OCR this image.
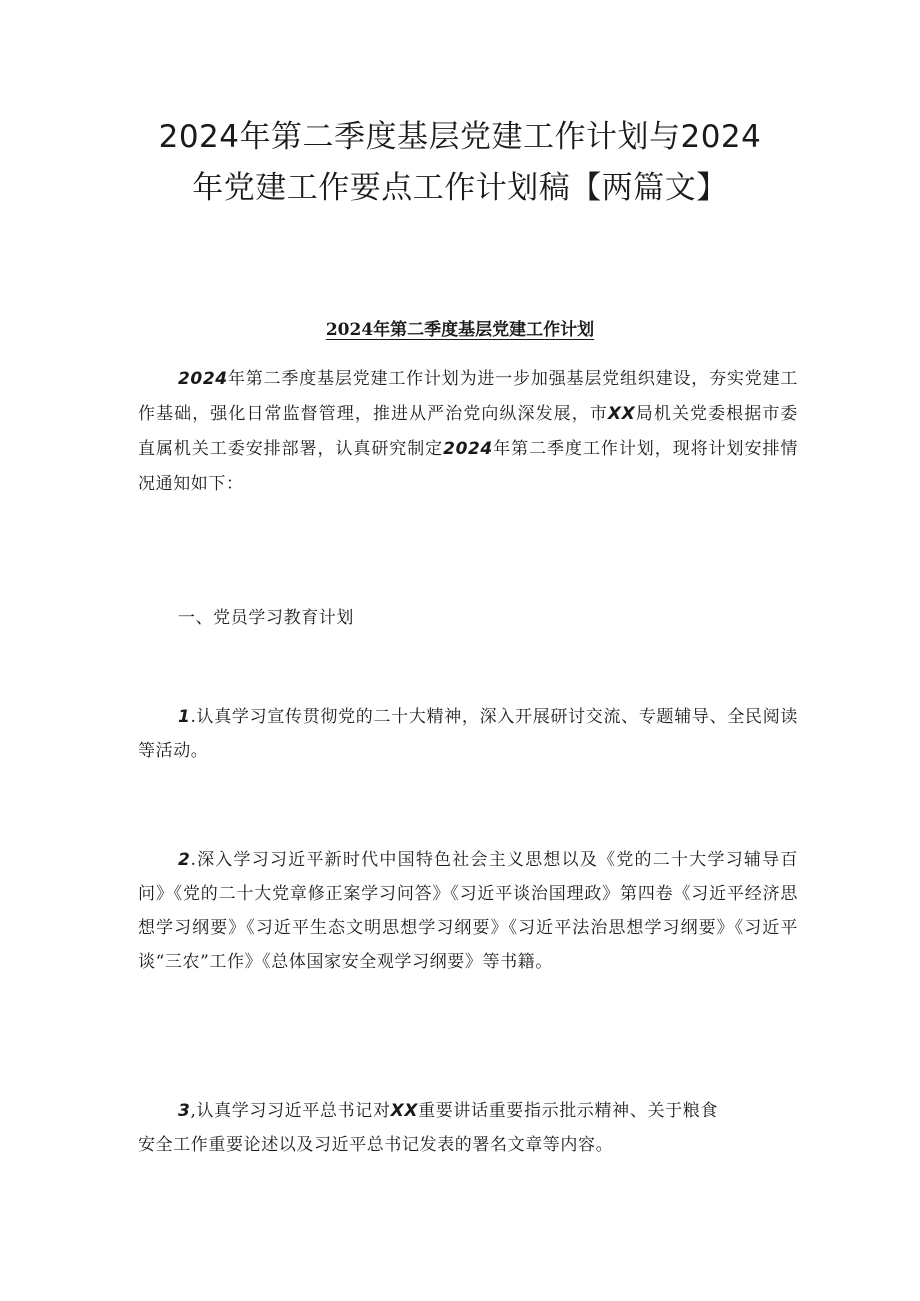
2024年第二季度基层党建工作计划与2024
年党建工作要点工作计划稿【两篇文】
2024年第二季度基层党建工作计划

2024年第二季度基层党建工作计划为进一步加强基层党组织建设，夯实党建工作基础，强化日常监督管理，推进从严治党向纵深发展，市XX局机关党委根据市委直属机关工委安排部署，认真研究制定2024年第二季度工作计划，现将计划安排情况通知如下：

一、党员学习教育计划

1.认真学习宣传贯彻党的二十大精神，深入开展研讨交流、专题辅导、全民阅读等活动。

2.深入学习习近平新时代中国特色社会主义思想以及《党的二十大学习辅导百问》《党的二十大党章修正案学习问答》《习近平谈治国理政》第四卷《习近平经济思想学习纲要》《习近平生态文明思想学习纲要》《习近平法治思想学习纲要》《习近平谈“三农”工作》《总体国家安全观学习纲要》等书籍。

3,认真学习习近平总书记对XX重要讲话重要指示批示精神、关于粮食安全工作重要论述以及习近平总书记发表的署名文章等内容。
